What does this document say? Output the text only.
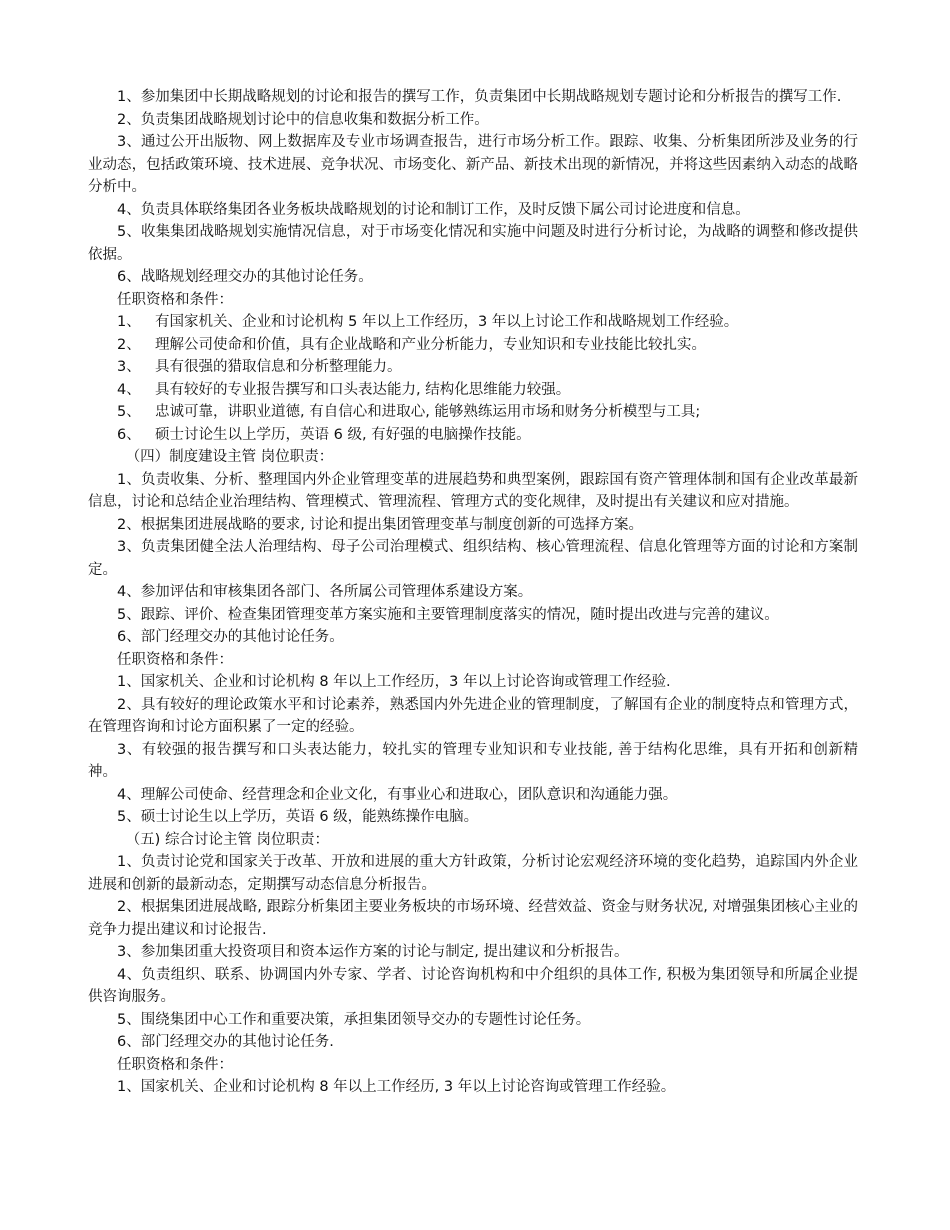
1、参加集团中长期战略规划的讨论和报告的撰写工作，负责集团中长期战略规划专题讨论和分析报告的撰写工作.

2、负责集团战略规划讨论中的信息收集和数据分析工作。

3、通过公开出版物、网上数据库及专业市场调查报告，进行市场分析工作。跟踪、收集、分析集团所涉及业务的行业动态，包括政策环境、技术进展、竞争状况、市场变化、新产品、新技术出现的新情况，并将这些因素纳入动态的战略分析中。

4、负责具体联络集团各业务板块战略规划的讨论和制订工作，及时反馈下属公司讨论进度和信息。

5、收集集团战略规划实施情况信息，对于市场变化情况和实施中问题及时进行分析讨论，为战略的调整和修改提供依据。

6、战略规划经理交办的其他讨论任务。

任职资格和条件：

1、 有国家机关、企业和讨论机构 5 年以上工作经历，3 年以上讨论工作和战略规划工作经验。

2、 理解公司使命和价值，具有企业战略和产业分析能力，专业知识和专业技能比较扎实。

3、 具有很强的猎取信息和分析整理能力。

4、 具有较好的专业报告撰写和口头表达能力, 结构化思维能力较强。

5、 忠诚可靠，讲职业道德, 有自信心和进取心, 能够熟练运用市场和财务分析模型与工具;

6、 硕士讨论生以上学历，英语 6 级, 有好强的电脑操作技能。

（四）制度建设主管 岗位职责：

1、负责收集、分析、整理国内外企业管理变革的进展趋势和典型案例，跟踪国有资产管理体制和国有企业改革最新信息，讨论和总结企业治理结构、管理模式、管理流程、管理方式的变化规律，及时提出有关建议和应对措施。

2、根据集团进展战略的要求, 讨论和提出集团管理变革与制度创新的可选择方案。

3、负责集团健全法人治理结构、母子公司治理模式、组织结构、核心管理流程、信息化管理等方面的讨论和方案制定。

4、参加评估和审核集团各部门、各所属公司管理体系建设方案。

5、跟踪、评价、检查集团管理变革方案实施和主要管理制度落实的情况，随时提出改进与完善的建议。

6、部门经理交办的其他讨论任务。

任职资格和条件：

1、国家机关、企业和讨论机构 8 年以上工作经历，3 年以上讨论咨询或管理工作经验.

2、具有较好的理论政策水平和讨论素养，熟悉国内外先进企业的管理制度，了解国有企业的制度特点和管理方式，在管理咨询和讨论方面积累了一定的经验。

3、有较强的报告撰写和口头表达能力，较扎实的管理专业知识和专业技能, 善于结构化思维，具有开拓和创新精神。

4、理解公司使命、经营理念和企业文化，有事业心和进取心，团队意识和沟通能力强。

5、硕士讨论生以上学历，英语 6 级，能熟练操作电脑。

（五) 综合讨论主管 岗位职责：

1、负责讨论党和国家关于改革、开放和进展的重大方针政策，分析讨论宏观经济环境的变化趋势，追踪国内外企业进展和创新的最新动态，定期撰写动态信息分析报告。

2、根据集团进展战略, 跟踪分析集团主要业务板块的市场环境、经营效益、资金与财务状况, 对增强集团核心主业的竞争力提出建议和讨论报告.

3、参加集团重大投资项目和资本运作方案的讨论与制定, 提出建议和分析报告。

4、负责组织、联系、协调国内外专家、学者、讨论咨询机构和中介组织的具体工作, 积极为集团领导和所属企业提供咨询服务。

5、围绕集团中心工作和重要决策，承担集团领导交办的专题性讨论任务。

6、部门经理交办的其他讨论任务.

任职资格和条件：

1、国家机关、企业和讨论机构 8 年以上工作经历, 3 年以上讨论咨询或管理工作经验。
